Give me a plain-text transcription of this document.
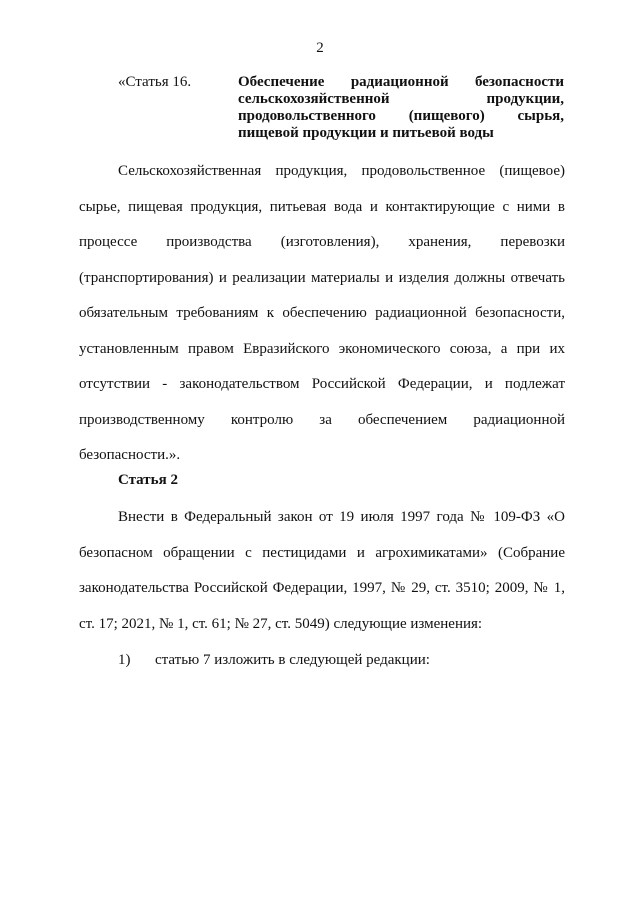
2
«Статья 16.	Обеспечение радиационной безопасности сельскохозяйственной продукции, продовольственного (пищевого) сырья,
пищевой продукции и питьевой воды

Сельскохозяйственная продукция, продовольственное (пищевое) сырье, пищевая продукция, питьевая вода и контактирующие с ними в процессе производства (изготовления), хранения, перевозки (транспортирования) и реализации материалы и изделия должны отвечать обязательным требованиям к обеспечению радиационной безопасности, установленным правом Евразийского экономического союза, а при их отсутствии - законодательством Российской Федерации, и подлежат производственному контролю за обеспечением радиационной безопасности.».

Статья 2

Внести в Федеральный закон от 19 июля 1997 года № 109-ФЗ «О безопасном обращении с пестицидами и агрохимикатами» (Собрание законодательства Российской Федерации, 1997, № 29, ст. 3510; 2009, № 1, ст. 17; 2021, № 1, ст. 61; № 27, ст. 5049) следующие изменения:

1)	статью 7 изложить в следующей редакции:
